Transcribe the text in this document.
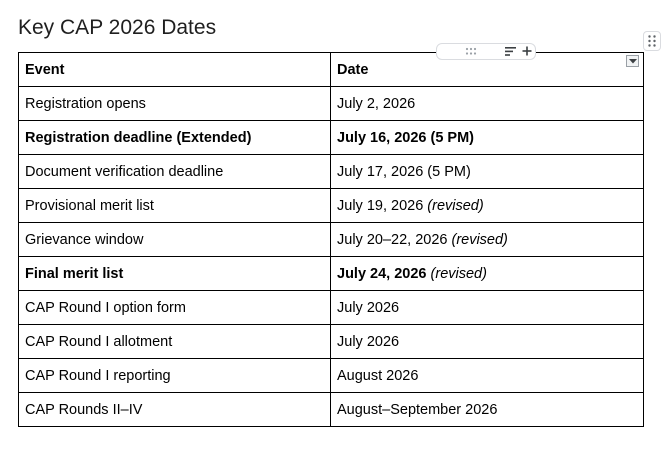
Key CAP 2026 Dates
Event	Date
Registration opens	July 2, 2026
Registration deadline (Extended)	July 16, 2026 (5 PM)
Document verification deadline	July 17, 2026 (5 PM)
Provisional merit list	July 19, 2026 (revised)
Grievance window	July 20–22, 2026 (revised)
Final merit list	July 24, 2026 (revised)
CAP Round I option form	July 2026
CAP Round I allotment	July 2026
CAP Round I reporting	August 2026
CAP Rounds II–IV	August–September 2026
